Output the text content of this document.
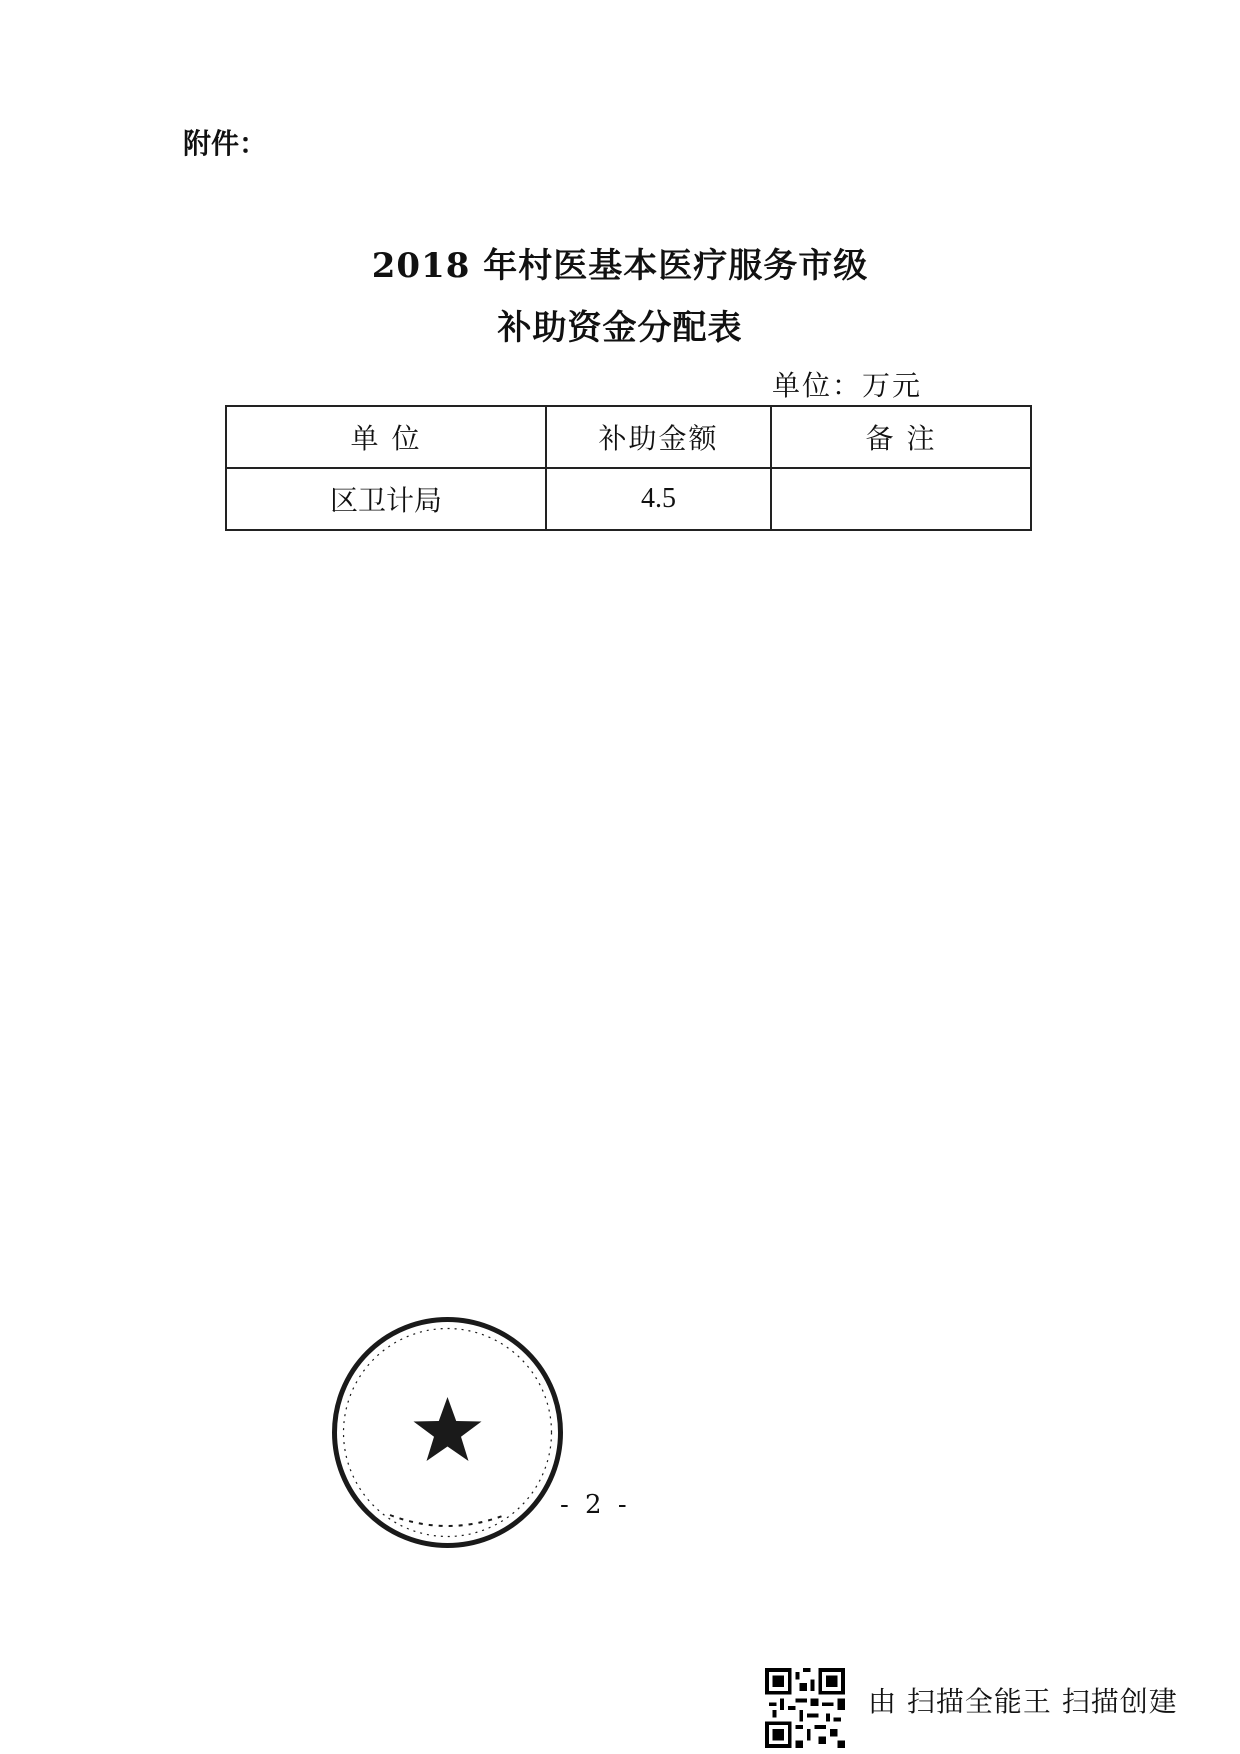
附件：
2018 年村医基本医疗服务市级
补助资金分配表
单位：万元
单 位	补助金额	备 注
区卫计局	4.5	
- 2 -
由 扫描全能王 扫描创建
